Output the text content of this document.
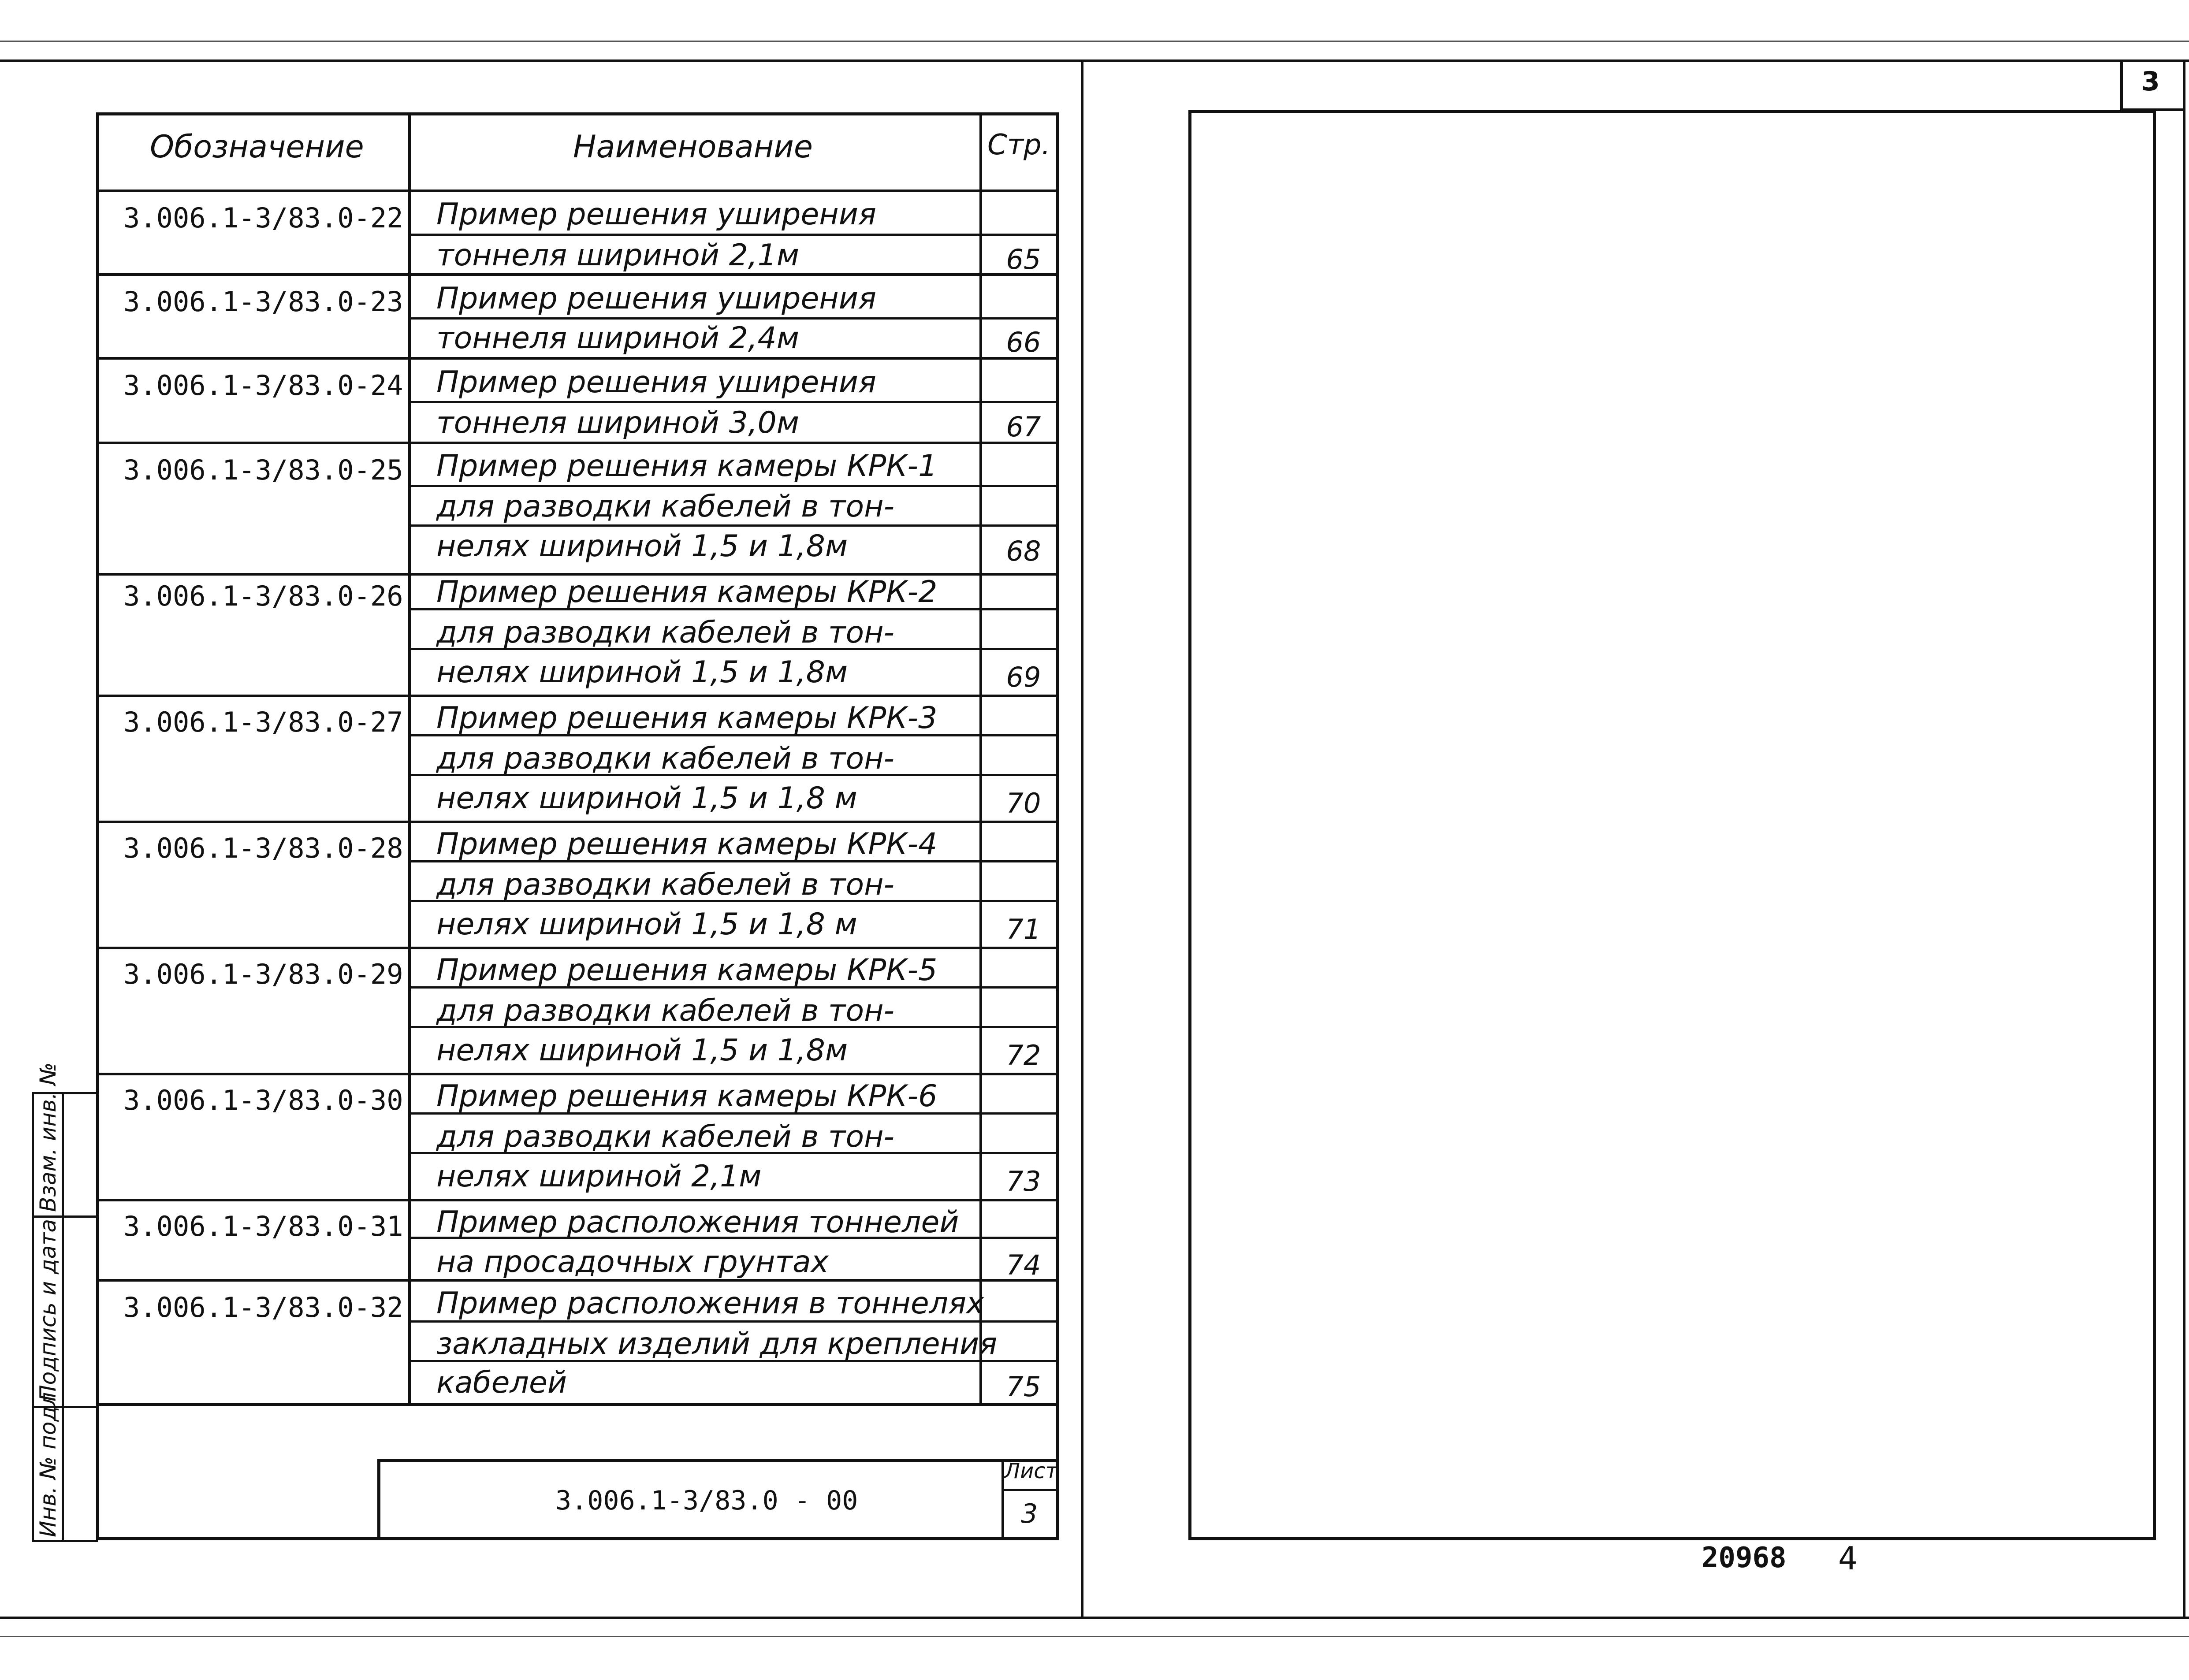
Обозначение	Наименование	Стр.
3.006.1-3/83.0-22 Пример решения уширения
тоннеля шириной 2,1м	65
3.006.1-3/83.0-23 Пример решения уширения
тоннеля шириной 2,4м	66
3.006.1-3/83.0-24 Пример решения уширения
тоннеля шириной 3,0м	67
3.006.1-3/83.0-25 Пример решения камеры КРК-1
для разводки кабелей в тон-
нелях шириной 1,5 и 1,8м	68
3.006.1-3/83.0-26 Пример решения камеры КРК-2
для разводки кабелей в тон-
нелях шириной 1,5 и 1,8м	69
3.006.1-3/83.0-27 Пример решения камеры КРК-3
для разводки кабелей в тон-
нелях шириной 1,5 и 1,8 м	70
3.006.1-3/83.0-28 Пример решения камеры КРК-4
для разводки кабелей в тон-
нелях шириной 1,5 и 1,8 м	71
3.006.1-3/83.0-29 Пример решения камеры КРК-5
для разводки кабелей в тон-
нелях шириной 1,5 и 1,8м	72
3.006.1-3/83.0-30 Пример решения камеры КРК-6
для разводки кабелей в тон-
нелях шириной 2,1м	73
3.006.1-3/83.0-31 Пример расположения тоннелей
на просадочных грунтах	74
3.006.1-3/83.0-32 Пример расположения в тоннелях
закладных изделий для крепления
кабелей	75
3.006.1-3/83.0 - 00
Лист
3
Взам. инв. №
Подпись и дата
Инв. № подл.
3
20968 4
